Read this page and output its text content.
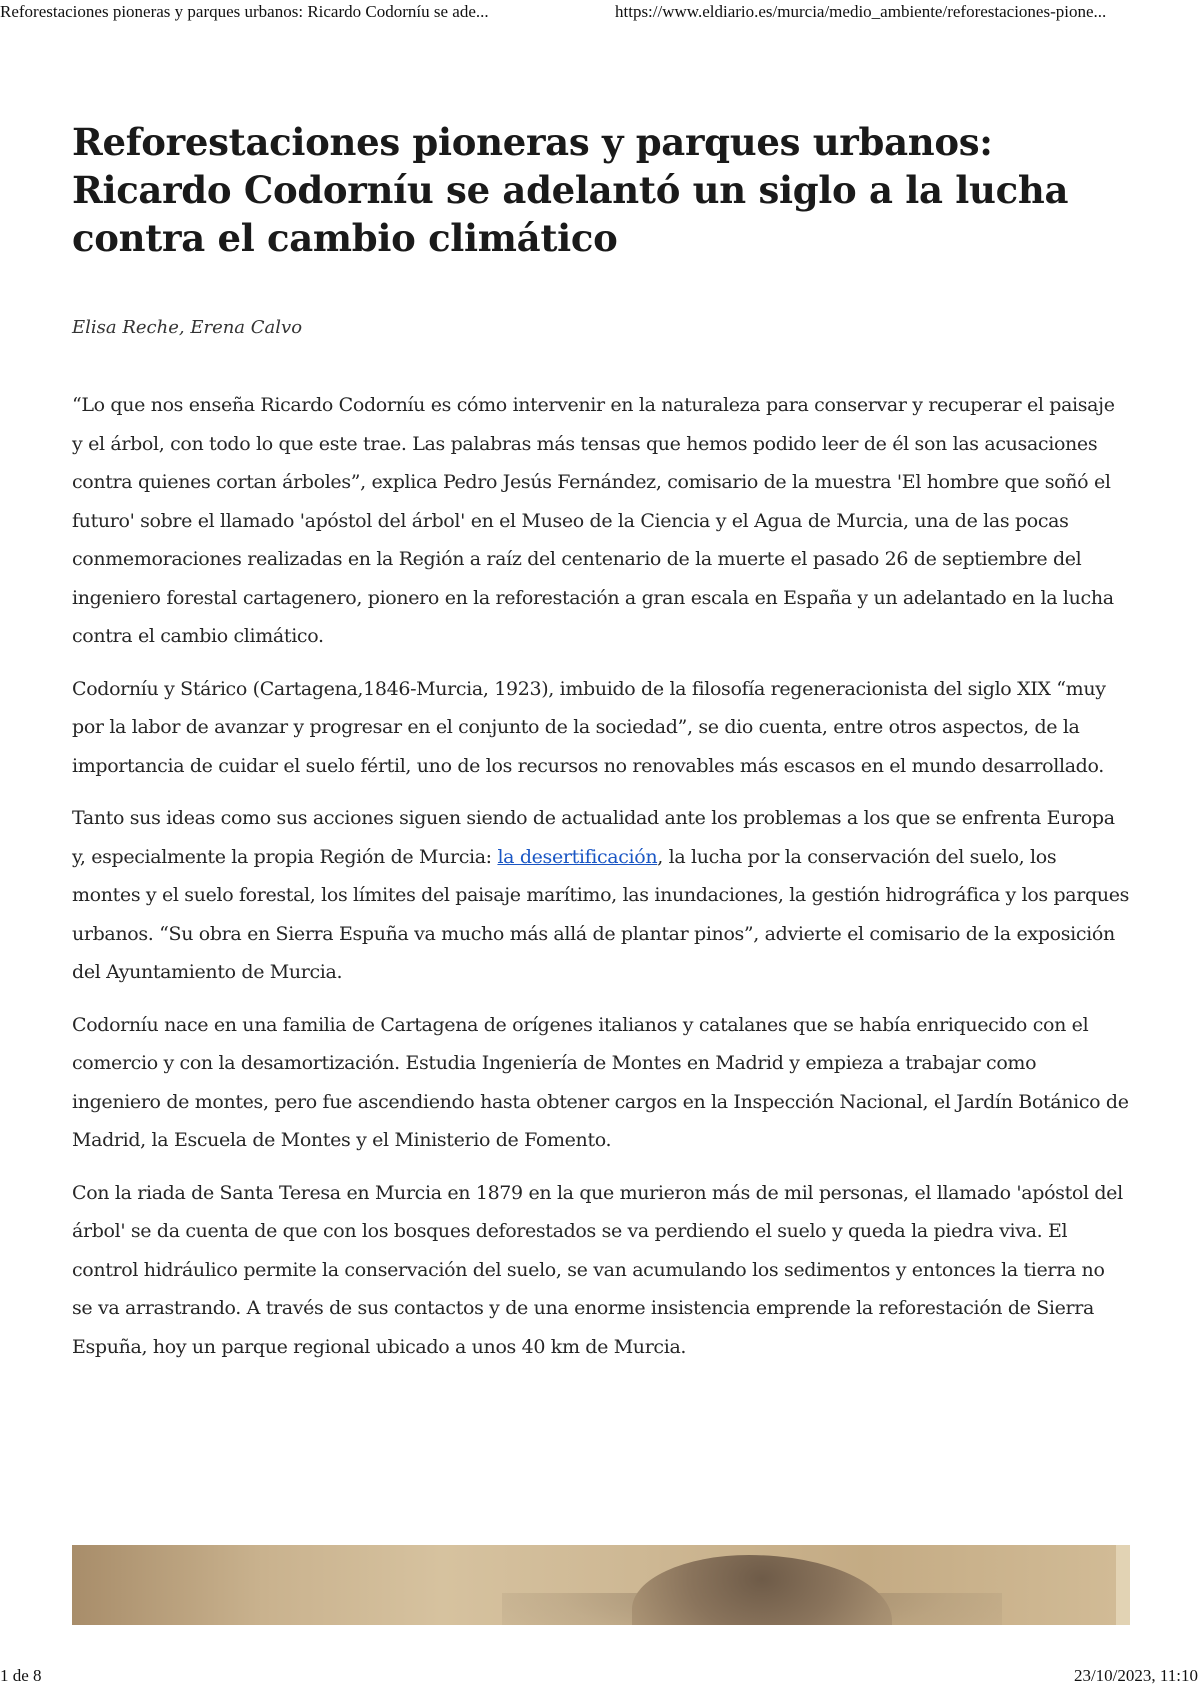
Reforestaciones pioneras y parques urbanos: Ricardo Codorníu se ade...	https://www.eldiario.es/murcia/medio_ambiente/reforestaciones-pione...
Reforestaciones pioneras y parques urbanos: Ricardo Codorníu se adelantó un siglo a la lucha contra el cambio climático

Elisa Reche, Erena Calvo

“Lo que nos enseña Ricardo Codorníu es cómo intervenir en la naturaleza para conservar y recuperar el paisaje y el árbol, con todo lo que este trae. Las palabras más tensas que hemos podido leer de él son las acusaciones contra quienes cortan árboles”, explica Pedro Jesús Fernández, comisario de la muestra 'El hombre que soñó el futuro' sobre el llamado 'apóstol del árbol' en el Museo de la Ciencia y el Agua de Murcia, una de las pocas conmemoraciones realizadas en la Región a raíz del centenario de la muerte el pasado 26 de septiembre del ingeniero forestal cartagenero, pionero en la reforestación a gran escala en España y un adelantado en la lucha contra el cambio climático.

Codorníu y Stárico (Cartagena,1846-Murcia, 1923), imbuido de la filosofía regeneracionista del siglo XIX “muy por la labor de avanzar y progresar en el conjunto de la sociedad”, se dio cuenta, entre otros aspectos, de la importancia de cuidar el suelo fértil, uno de los recursos no renovables más escasos en el mundo desarrollado.

Tanto sus ideas como sus acciones siguen siendo de actualidad ante los problemas a los que se enfrenta Europa y, especialmente la propia Región de Murcia: la desertificación, la lucha por la conservación del suelo, los montes y el suelo forestal, los límites del paisaje marítimo, las inundaciones, la gestión hidrográfica y los parques urbanos. “Su obra en Sierra Espuña va mucho más allá de plantar pinos”, advierte el comisario de la exposición del Ayuntamiento de Murcia.

Codorníu nace en una familia de Cartagena de orígenes italianos y catalanes que se había enriquecido con el comercio y con la desamortización. Estudia Ingeniería de Montes en Madrid y empieza a trabajar como ingeniero de montes, pero fue ascendiendo hasta obtener cargos en la Inspección Nacional, el Jardín Botánico de Madrid, la Escuela de Montes y el Ministerio de Fomento.

Con la riada de Santa Teresa en Murcia en 1879 en la que murieron más de mil personas, el llamado 'apóstol del árbol' se da cuenta de que con los bosques deforestados se va perdiendo el suelo y queda la piedra viva. El control hidráulico permite la conservación del suelo, se van acumulando los sedimentos y entonces la tierra no se va arrastrando. A través de sus contactos y de una enorme insistencia emprende la reforestación de Sierra Espuña, hoy un parque regional ubicado a unos 40 km de Murcia.

1 de 8	23/10/2023, 11:10
